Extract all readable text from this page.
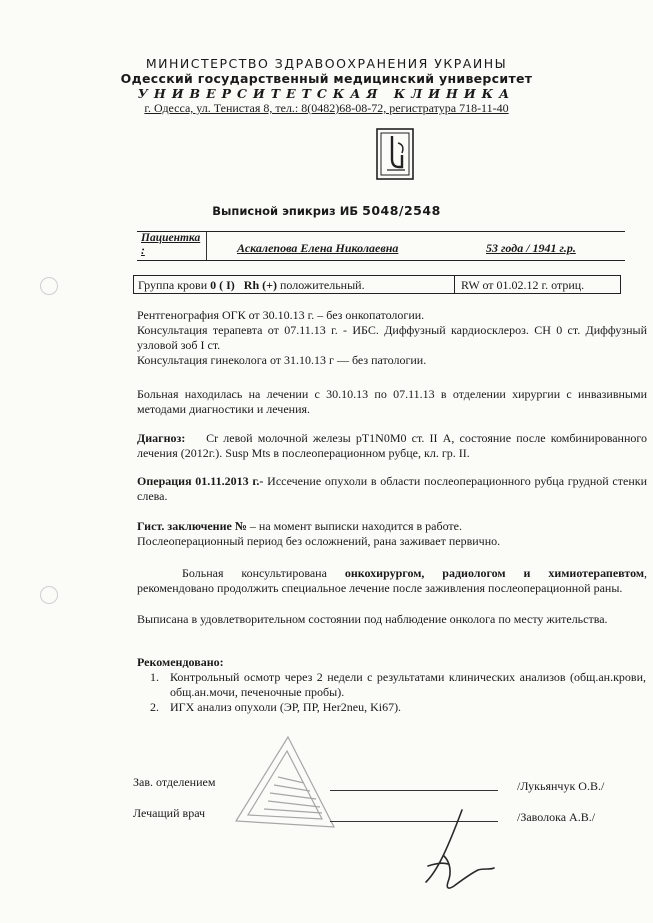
МИНИСТЕРСТВО ЗДРАВООХРАНЕНИЯ УКРАИНЫ
Одесский государственный медицинский университет
УНИВЕРСИТЕТСКАЯ КЛИНИКА
г. Одесса, ул. Тенистая 8, тел.: 8(0482)68-08-72, регистратура 718-11-40
Выписной эпикриз ИБ 5048/2548
Пациентка
:	Аскалепова Елена Николаевна	53 года / 1941 г.р.
Группа крови 0 ( I) Rh (+) положительный.	RW от 01.02.12 г. отриц.
Рентгенография ОГК от 30.10.13 г. – без онкопатологии.
Консультация терапевта от 07.11.13 г. - ИБС. Диффузный кардиосклероз. СН 0 ст. Диффузный узловой зоб I ст.
Консультация гинеколога от 31.10.13 г — без патологии.
Больная находилась на лечении с 30.10.13 по 07.11.13 в отделении хирургии с инвазивными методами диагностики и лечения.
Диагноз: Cr левой молочной железы pT1N0M0 ст. II А, состояние после комбинированного лечения (2012г.). Susp Mts в послеоперационном рубце, кл. гр. II.
Операция 01.11.2013 г.- Иссечение опухоли в области послеоперационного рубца грудной стенки слева.
Гист. заключение № – на момент выписки находится в работе.
Послеоперационный период без осложнений, рана заживает первично.
Больная консультирована онкохирургом, радиологом и химиотерапевтом, рекомендовано продолжить специальное лечение после заживления послеоперационной раны.
Выписана в удовлетворительном состоянии под наблюдение онколога по месту жительства.
Рекомендовано:
1. Контрольный осмотр через 2 недели с результатами клинических анализов (общ.ан.крови, общ.ан.мочи, печеночные пробы).
2. ИГХ анализ опухоли (ЭР, ПР, Her2neu, Ki67).
Зав. отделением	/Лукьянчук О.В./
Лечащий врач	/Заволока А.В./
